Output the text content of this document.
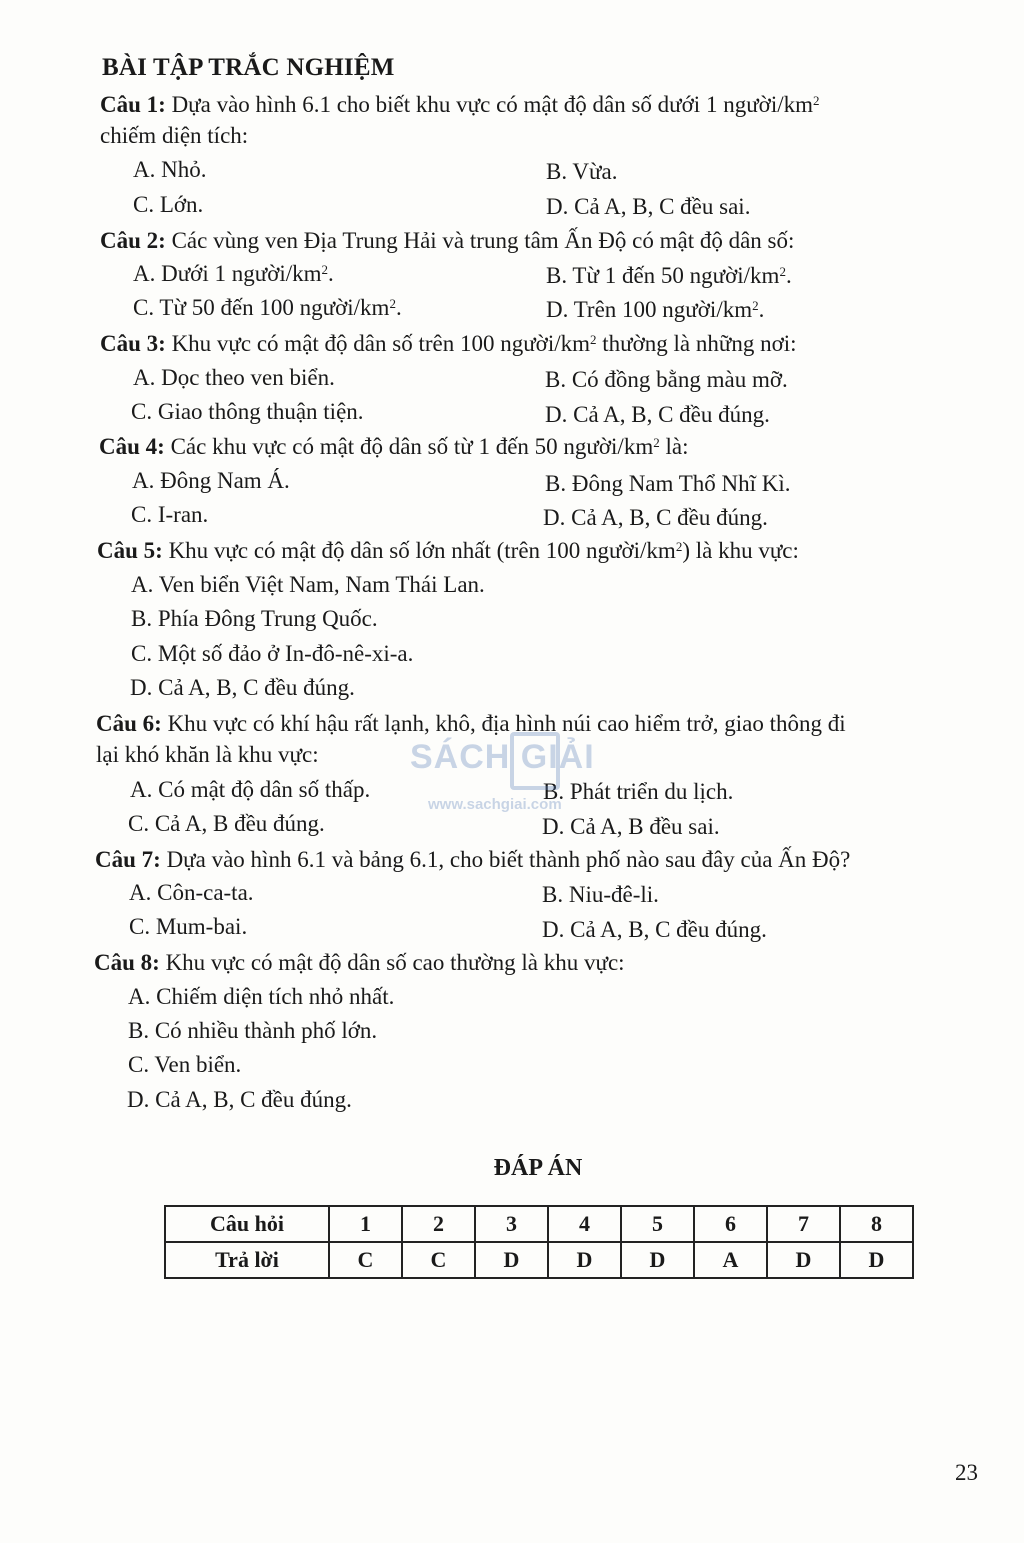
BÀI TẬP TRẮC NGHIỆM
Câu 1: Dựa vào hình 6.1 cho biết khu vực có mật độ dân số dưới 1 người/$km^2$
chiếm diện tích:
A. Nhỏ.	B. Vừa.
C. Lớn.	D. Cả A, B, C đều sai.
Câu 2: Các vùng ven Địa Trung Hải và trung tâm Ấn Độ có mật độ dân số:
A. Dưới 1 người/$km^2$.	B. Từ 1 đến 50 người/$km^2$.
C. Từ 50 đến 100 người/$km^2$.	D. Trên 100 người/$km^2$.
Câu 3: Khu vực có mật độ dân số trên 100 người/$km^2$ thường là những nơi:
A. Dọc theo ven biển.	B. Có đồng bằng màu mỡ.
C. Giao thông thuận tiện.	D. Cả A, B, C đều đúng.
Câu 4: Các khu vực có mật độ dân số từ 1 đến 50 người/$km^2$ là:
A. Đông Nam Á.	B. Đông Nam Thổ Nhĩ Kì.
C. I-ran.	D. Cả A, B, C đều đúng.
Câu 5: Khu vực có mật độ dân số lớn nhất (trên 100 người/$km^2$) là khu vực:
A. Ven biển Việt Nam, Nam Thái Lan.
B. Phía Đông Trung Quốc.
C. Một số đảo ở In-đô-nê-xi-a.
D. Cả A, B, C đều đúng.
Câu 6: Khu vực có khí hậu rất lạnh, khô, địa hình núi cao hiểm trở, giao thông đi
lại khó khăn là khu vực:
A. Có mật độ dân số thấp.	B. Phát triển du lịch.
C. Cả A, B đều đúng.	D. Cả A, B đều sai.
Câu 7: Dựa vào hình 6.1 và bảng 6.1, cho biết thành phố nào sau đây của Ấn Độ?
A. Côn-ca-ta.	B. Niu-đê-li.
C. Mum-bai.	D. Cả A, B, C đều đúng.
Câu 8: Khu vực có mật độ dân số cao thường là khu vực:
A. Chiếm diện tích nhỏ nhất.
B. Có nhiều thành phố lớn.
C. Ven biển.
D. Cả A, B, C đều đúng.
ĐÁP ÁN
Câu hỏi	1	2	3	4	5	6	7	8
Trả lời	C	C	D	D	D	A	D	D
SÁCH GIẢI
www.sachgiai.com
23
